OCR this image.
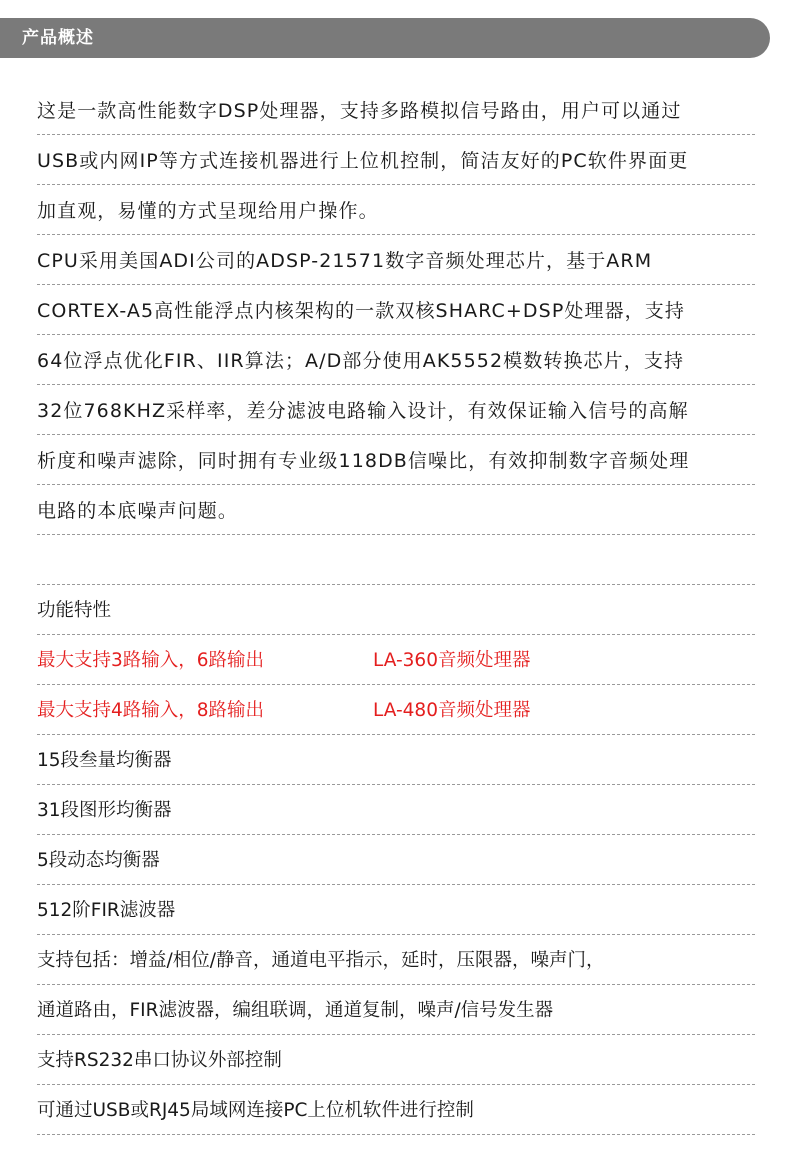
产品概述
这是一款高性能数字DSP处理器，支持多路模拟信号路由，用户可以通过
USB或内网IP等方式连接机器进行上位机控制，简洁友好的PC软件界面更
加直观，易懂的方式呈现给用户操作。
CPU采用美国ADI公司的ADSP-21571数字音频处理芯片，基于ARM
CORTEX-A5高性能浮点内核架构的一款双核SHARC+DSP处理器，支持
64位浮点优化FIR、IIR算法；A/D部分使用AK5552模数转换芯片，支持
32位768KHZ采样率，差分滤波电路输入设计，有效保证输入信号的高解
析度和噪声滤除，同时拥有专业级118DB信噪比，有效抑制数字音频处理
电路的本底噪声问题。
功能特性
最大支持3路输入，6路输出	LA-360音频处理器
最大支持4路输入，8路输出	LA-480音频处理器
15段叁量均衡器
31段图形均衡器
5段动态均衡器
512阶FIR滤波器
支持包括：增益/相位/静音，通道电平指示，延时，压限器，噪声门，
通道路由，FIR滤波器，编组联调，通道复制，噪声/信号发生器
支持RS232串口协议外部控制
可通过USB或RJ45局域网连接PC上位机软件进行控制
